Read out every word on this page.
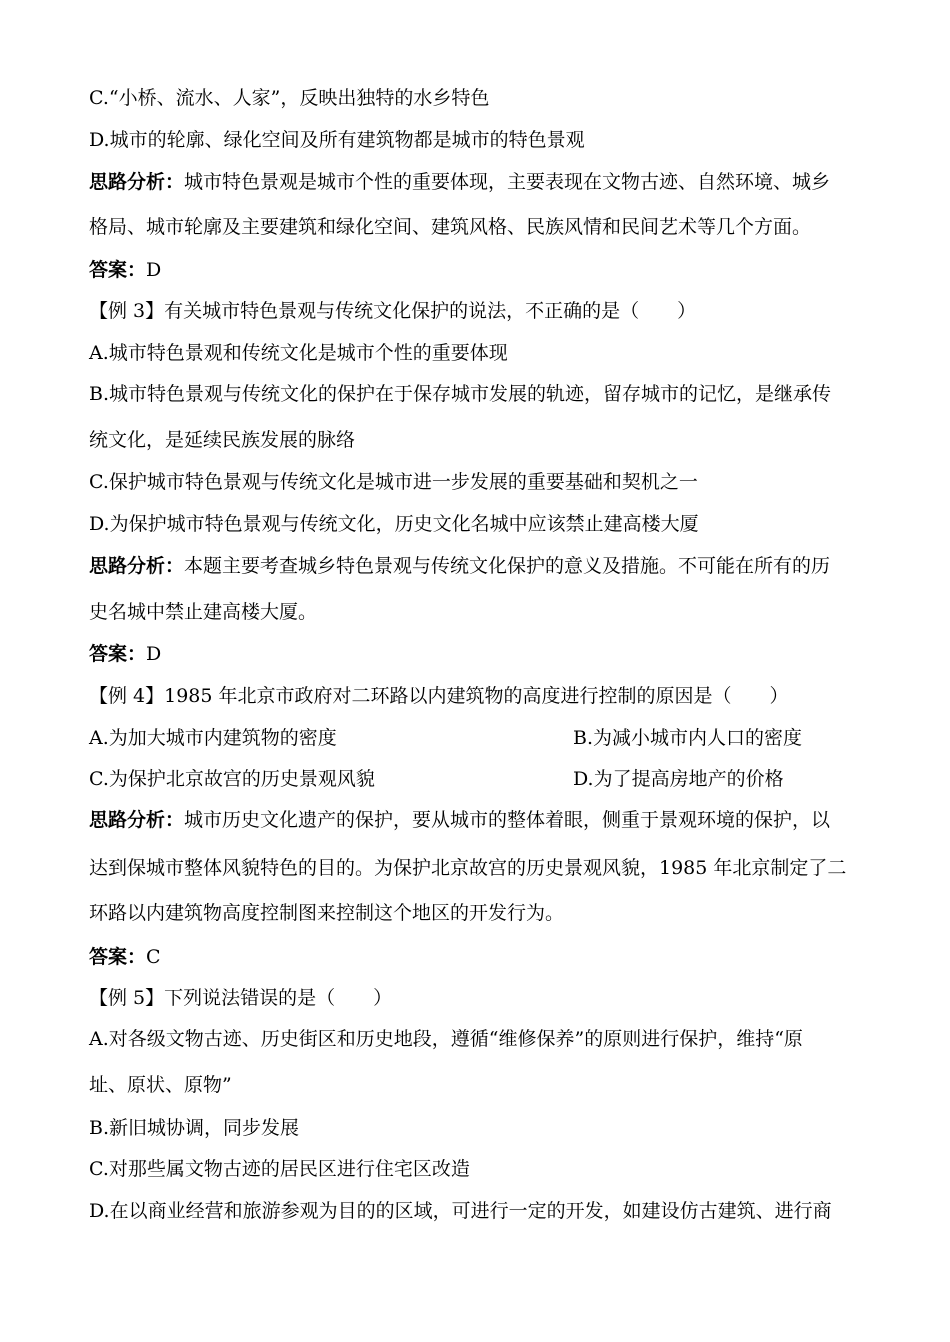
C.“小桥、流水、人家”，反映出独特的水乡特色
D.城市的轮廓、绿化空间及所有建筑物都是城市的特色景观
思路分析：城市特色景观是城市个性的重要体现，主要表现在文物古迹、自然环境、城乡
格局、城市轮廓及主要建筑和绿化空间、建筑风格、民族风情和民间艺术等几个方面。
答案：D
【例 3】有关城市特色景观与传统文化保护的说法，不正确的是（　　）
A.城市特色景观和传统文化是城市个性的重要体现
B.城市特色景观与传统文化的保护在于保存城市发展的轨迹，留存城市的记忆，是继承传
统文化，是延续民族发展的脉络
C.保护城市特色景观与传统文化是城市进一步发展的重要基础和契机之一
D.为保护城市特色景观与传统文化，历史文化名城中应该禁止建高楼大厦
思路分析：本题主要考查城乡特色景观与传统文化保护的意义及措施。不可能在所有的历
史名城中禁止建高楼大厦。
答案：D
【例 4】1985 年北京市政府对二环路以内建筑物的高度进行控制的原因是（　　）
A.为加大城市内建筑物的密度	B.为减小城市内人口的密度
C.为保护北京故宫的历史景观风貌	D.为了提高房地产的价格
思路分析：城市历史文化遗产的保护，要从城市的整体着眼，侧重于景观环境的保护，以
达到保城市整体风貌特色的目的。为保护北京故宫的历史景观风貌，1985 年北京制定了二
环路以内建筑物高度控制图来控制这个地区的开发行为。
答案：C
【例 5】下列说法错误的是（　　）
A.对各级文物古迹、历史街区和历史地段，遵循“维修保养”的原则进行保护，维持“原
址、原状、原物”
B.新旧城协调，同步发展
C.对那些属文物古迹的居民区进行住宅区改造
D.在以商业经营和旅游参观为目的的区域，可进行一定的开发，如建设仿古建筑、进行商
